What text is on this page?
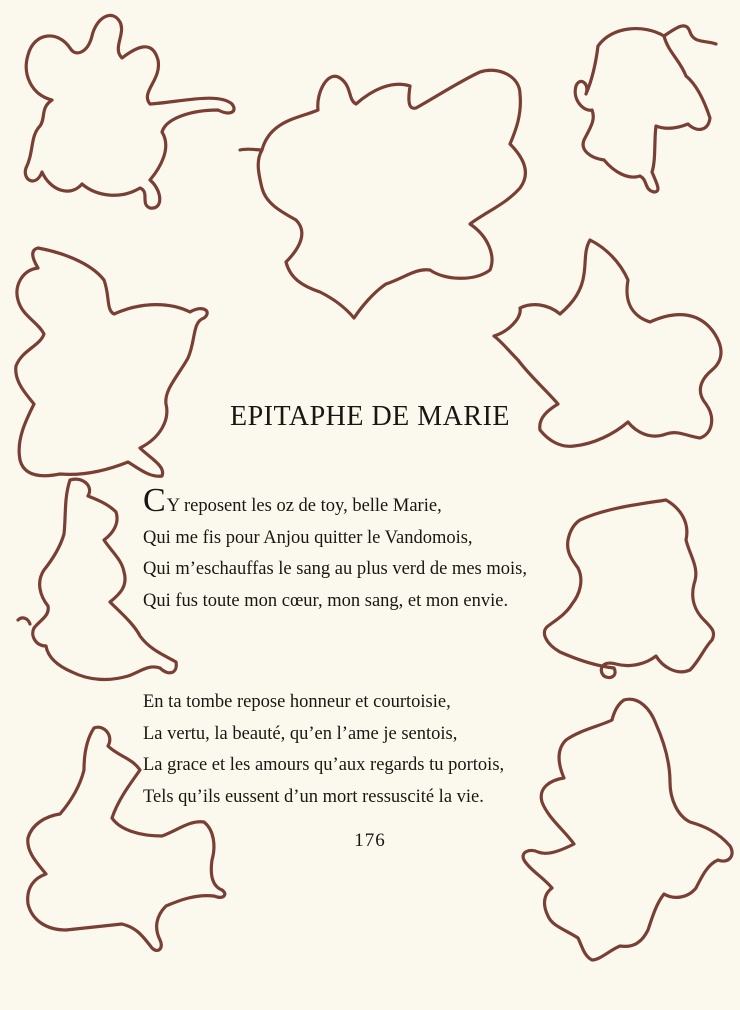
EPITAPHE DE MARIE
CY reposent les oz de toy, belle Marie,
Qui me fis pour Anjou quitter le Vandomois,
Qui m’eschauffas le sang au plus verd de mes mois,
Qui fus toute mon cœur, mon sang, et mon envie.
En ta tombe repose honneur et courtoisie,
La vertu, la beauté, qu’en l’ame je sentois,
La grace et les amours qu’aux regards tu portois,
Tels qu’ils eussent d’un mort ressuscité la vie.
176
